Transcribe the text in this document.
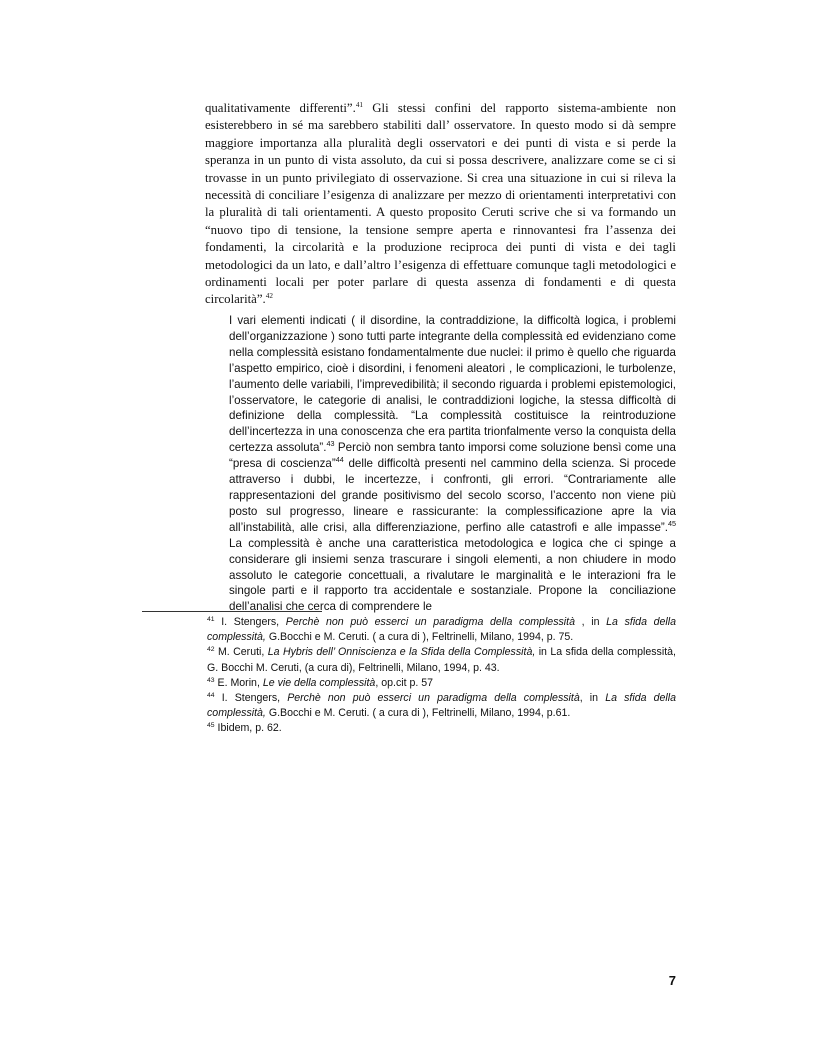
qualitativamente differenti”.$^{41}$ Gli stessi confini del rapporto sistema-ambiente non esisterebbero in sé ma sarebbero stabiliti dall’ osservatore. In questo modo si dà sempre maggiore importanza alla pluralità degli osservatori e dei punti di vista e si perde la speranza in un punto di vista assoluto, da cui si possa descrivere, analizzare come se ci si trovasse in un punto privilegiato di osservazione. Si crea una situazione in cui si rileva la necessità di conciliare l’esigenza di analizzare per mezzo di orientamenti interpretativi con la pluralità di tali orientamenti. A questo proposito Ceruti scrive che si va formando un “nuovo tipo di tensione, la tensione sempre aperta e rinnovantesi fra l’assenza dei fondamenti, la circolarità e la produzione reciproca dei punti di vista e dei tagli metodologici da un lato, e dall’altro l’esigenza di effettuare comunque tagli metodologici e ordinamenti locali per poter parlare di questa assenza di fondamenti e di questa circolarità”.$^{42}$

I vari elementi indicati ( il disordine, la contraddizione, la difficoltà logica, i problemi dell’organizzazione ) sono tutti parte integrante della complessità ed evidenziano come nella complessità esistano fondamentalmente due nuclei: il primo è quello che riguarda l’aspetto empirico, cioè i disordini, i fenomeni aleatori , le complicazioni, le turbolenze, l’aumento delle variabili, l’imprevedibilità; il secondo riguarda i problemi epistemologici, l’osservatore, le categorie di analisi, le contraddizioni logiche, la stessa difficoltà di definizione della complessità. “La complessità costituisce la reintroduzione dell’incertezza in una conoscenza che era partita trionfalmente verso la conquista della certezza assoluta”.$^{43}$ Perciò non sembra tanto imporsi come soluzione bensì come una “presa di coscienza”$^{44}$ delle difficoltà presenti nel cammino della scienza. Si procede attraverso i dubbi, le incertezze, i confronti, gli errori. “Contrariamente alle rappresentazioni del grande positivismo del secolo scorso, l’accento non viene più posto sul progresso, lineare e rassicurante: la complessificazione apre la via all’instabilità, alle crisi, alla differenziazione, perfino alle catastrofi e alle impasse”.$^{45}$    La complessità è anche una caratteristica metodologica e logica che ci spinge a considerare gli insiemi senza trascurare i singoli elementi, a non chiudere in modo assoluto le categorie concettuali, a rivalutare le marginalità e le interazioni fra le singole parti e il rapporto tra accidentale e sostanziale. Propone la  conciliazione dell’analisi che cerca di comprendere le

$^{41}$ I. Stengers, Perchè non può esserci un paradigma della complessità , in La sfida della complessità, G.Bocchi e M. Ceruti. ( a cura di ), Feltrinelli, Milano, 1994, p. 75.

$^{42}$ M. Ceruti, La Hybris dell’ Onniscienza e la Sfida della Complessità, in La sfida della complessità, G. Bocchi M. Ceruti, (a cura di), Feltrinelli, Milano, 1994, p. 43.

$^{43}$ E. Morin, Le vie della complessità, op.cit p. 57

$^{44}$ I. Stengers, Perchè non può esserci un paradigma della complessità, in La sfida della complessità, G.Bocchi e M. Ceruti. ( a cura di ), Feltrinelli, Milano, 1994, p.61.

$^{45}$ Ibidem, p. 62.

7
